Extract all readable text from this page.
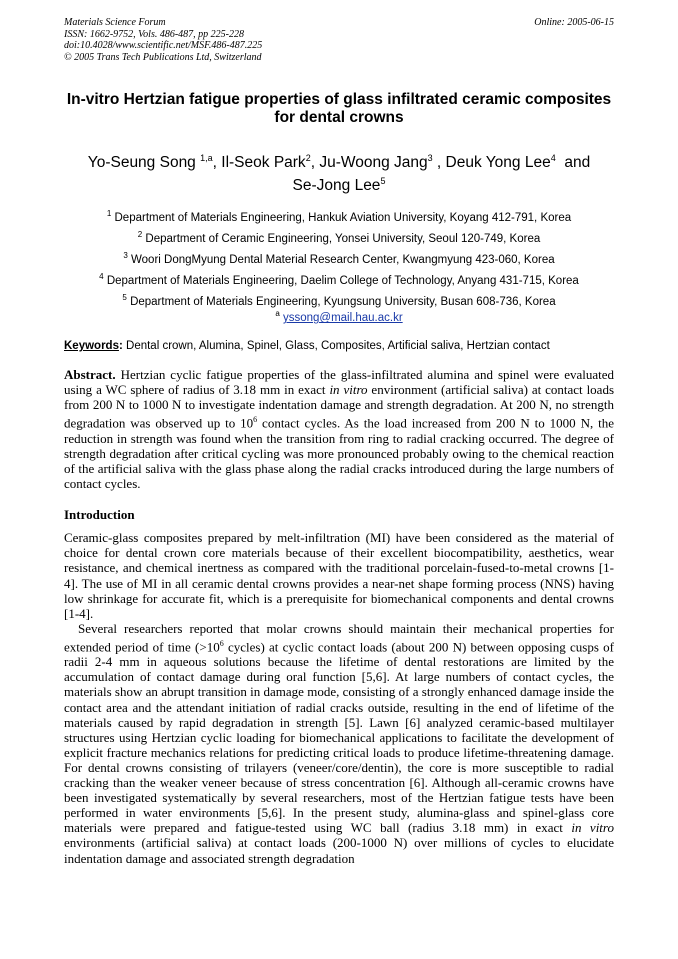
Materials Science Forum
ISSN: 1662-9752, Vols. 486-487, pp 225-228
doi:10.4028/www.scientific.net/MSF.486-487.225
© 2005 Trans Tech Publications Ltd, Switzerland

Online: 2005-06-15
In-vitro Hertzian fatigue properties of glass infiltrated ceramic composites for dental crowns
Yo-Seung Song $^{1,a}$, Il-Seok Park$^2$, Ju-Woong Jang$^3$ , Deuk Yong Lee$^4$ and
Se-Jong Lee$^5$
$^1$ Department of Materials Engineering, Hankuk Aviation University, Koyang 412-791, Korea
$^2$ Department of Ceramic Engineering, Yonsei University, Seoul 120-749, Korea
$^3$ Woori DongMyung Dental Material Research Center, Kwangmyung 423-060, Korea
$^4$ Department of Materials Engineering, Daelim College of Technology, Anyang 431-715, Korea
$^5$ Department of Materials Engineering, Kyungsung University, Busan 608-736, Korea
$^a$ yssong@mail.hau.ac.kr
Keywords: Dental crown, Alumina, Spinel, Glass, Composites, Artificial saliva, Hertzian contact

Abstract. Hertzian cyclic fatigue properties of the glass-infiltrated alumina and spinel were evaluated using a WC sphere of radius of 3.18 mm in exact in vitro environment (artificial saliva) at contact loads from 200 N to 1000 N to investigate indentation damage and strength degradation. At 200 N, no strength degradation was observed up to $10^6$ contact cycles. As the load increased from 200 N to 1000 N, the reduction in strength was found when the transition from ring to radial cracking occurred. The degree of strength degradation after critical cycling was more pronounced probably owing to the chemical reaction of the artificial saliva with the glass phase along the radial cracks introduced during the large numbers of contact cycles.

Introduction

Ceramic-glass composites prepared by melt-infiltration (MI) have been considered as the material of choice for dental crown core materials because of their excellent biocompatibility, aesthetics, wear resistance, and chemical inertness as compared with the traditional porcelain-fused-to-metal crowns [1-4]. The use of MI in all ceramic dental crowns provides a near-net shape forming process (NNS) having low shrinkage for accurate fit, which is a prerequisite for biomechanical components and dental crowns [1-4].

Several researchers reported that molar crowns should maintain their mechanical properties for extended period of time ($>10^6$ cycles) at cyclic contact loads (about 200 N) between opposing cusps of radii 2-4 mm in aqueous solutions because the lifetime of dental restorations are limited by the accumulation of contact damage during oral function [5,6]. At large numbers of contact cycles, the materials show an abrupt transition in damage mode, consisting of a strongly enhanced damage inside the contact area and the attendant initiation of radial cracks outside, resulting in the end of lifetime of the materials caused by rapid degradation in strength [5]. Lawn [6] analyzed ceramic-based multilayer structures using Hertzian cyclic loading for biomechanical applications to facilitate the development of explicit fracture mechanics relations for predicting critical loads to produce lifetime-threatening damage. For dental crowns consisting of trilayers (veneer/core/dentin), the core is more susceptible to radial cracking than the weaker veneer because of stress concentration [6]. Although all-ceramic crowns have been investigated systematically by several researchers, most of the Hertzian fatigue tests have been performed in water environments [5,6]. In the present study, alumina-glass and spinel-glass core materials were prepared and fatigue-tested using WC ball (radius 3.18 mm) in exact in vitro environments (artificial saliva) at contact loads (200-1000 N) over millions of cycles to elucidate indentation damage and associated strength degradation
